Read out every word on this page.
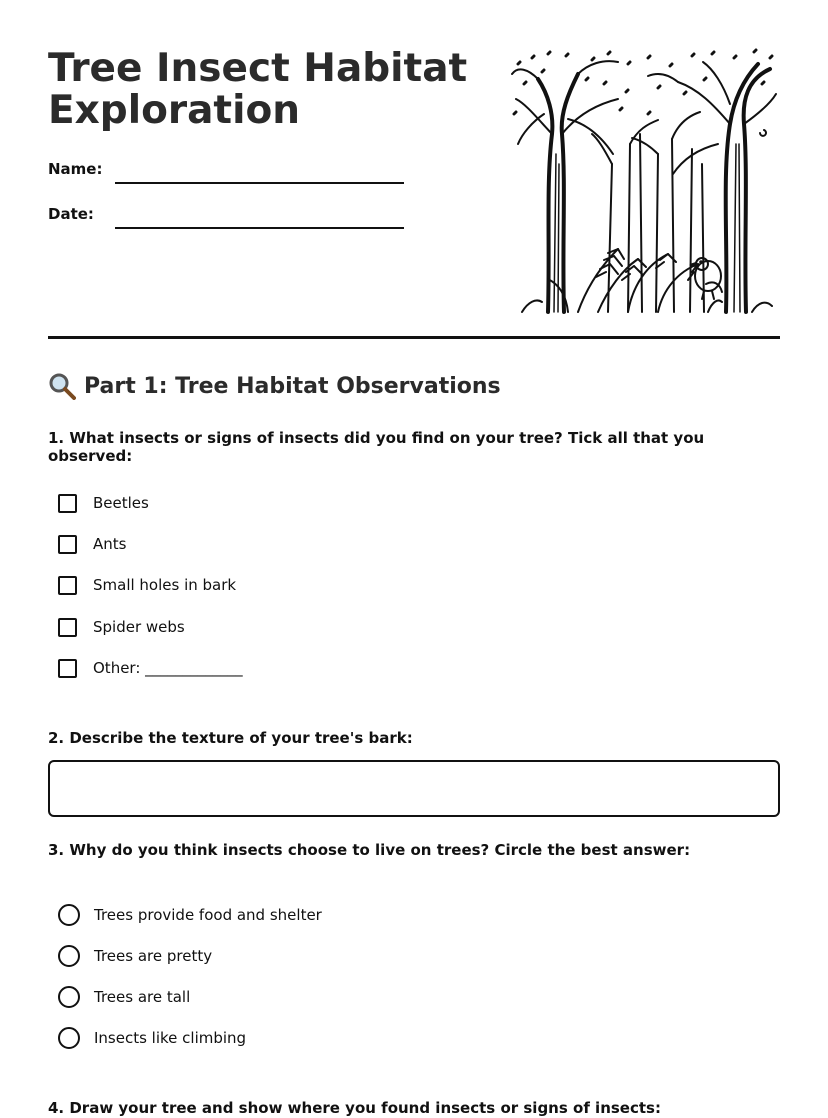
Tree Insect Habitat Exploration
Name:
Date:
Part 1: Tree Habitat Observations
1. What insects or signs of insects did you find on your tree? Tick all that you observed:
Beetles
Ants
Small holes in bark
Spider webs
Other: _____________
2. Describe the texture of your tree's bark:
3. Why do you think insects choose to live on trees? Circle the best answer:
Trees provide food and shelter
Trees are pretty
Trees are tall
Insects like climbing
4. Draw your tree and show where you found insects or signs of insects:
